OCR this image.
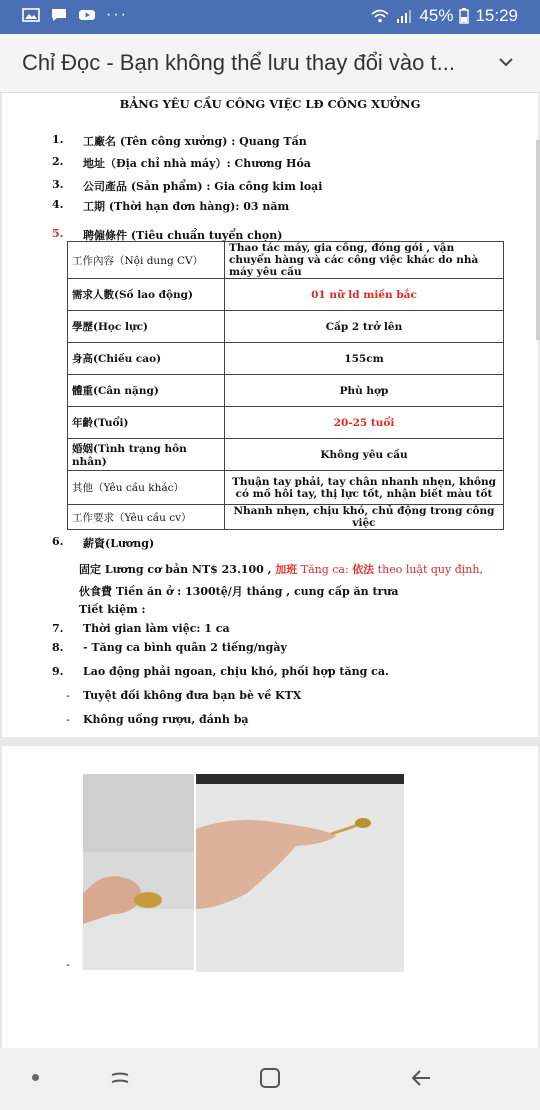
···	45% 15:29
Chỉ Đọc - Bạn không thể lưu thay đổi vào t...
BẢNG YÊU CẦU CÔNG VIỆC LĐ CÔNG XƯỞNG
1. 工廠名 (Tên công xưởng) : Quang Tấn
2. 地址（Địa chỉ nhà máy）: Chương Hóa
3. 公司產品 (Sản phẩm) : Gia công kim loại
4. 工期 (Thời hạn đơn hàng): 03 năm
5. 聘僱條件 (Tiêu chuẩn tuyển chọn)
工作內容（Nội dung CV）	Thao tác máy, gia công, đóng gói , vận chuyển hàng và các công việc khác do nhà máy yêu cầu
需求人數(Số lao động)	01 nữ ld miền bắc
學歷(Học lực)	Cấp 2 trở lên
身高(Chiều cao)	155cm
體重(Cân nặng)	Phù hợp
年齡(Tuổi)	20-25 tuổi
婚姻(Tình trạng hôn nhân)	Không yêu cầu
其他（Yêu cầu khác）	Thuận tay phải, tay chân nhanh nhẹn, không có mồ hôi tay, thị lực tốt, nhận biết màu tốt
工作要求（Yêu cầu cv）	Nhanh nhẹn, chịu khó, chủ động trong công việc
6. 薪資(Lương)
固定 Lương cơ bản NT$ 23.100 , 加班 Tăng ca: 依法 theo luật quy định,
伙食費 Tiền ăn ở : 1300tệ/月 tháng , cung cấp ăn trưa
Tiết kiệm :
7. Thời gian làm việc: 1 ca
8. - Tăng ca bình quân 2 tiếng/ngày
9. Lao động phải ngoan, chịu khó, phối hợp tăng ca.
- Tuyệt đối không đưa bạn bè về KTX
- Không uống rượu, đánh bạ
-
